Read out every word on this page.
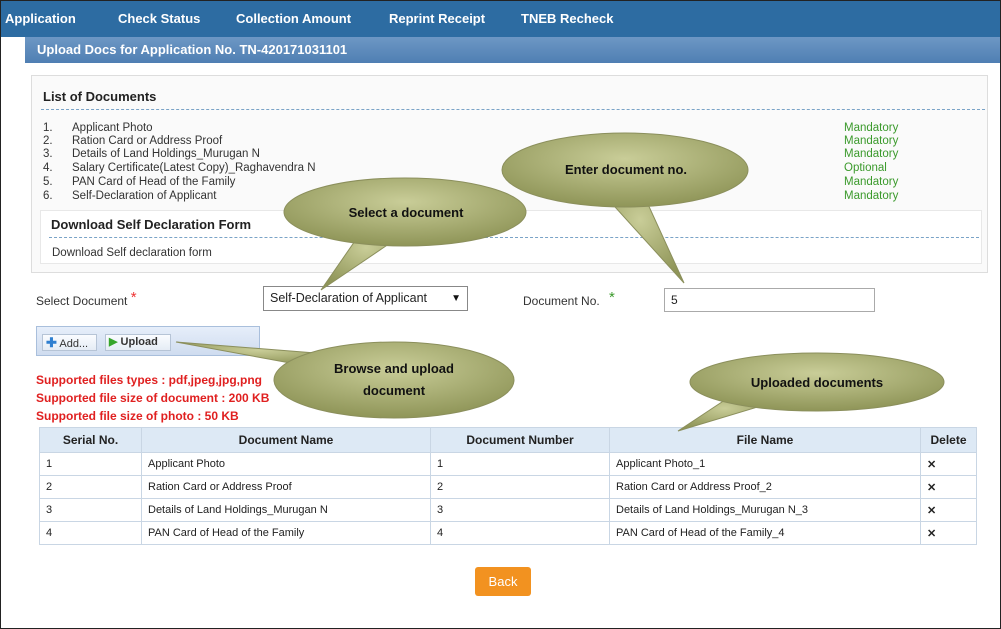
Application	Check Status	Collection Amount	Reprint Receipt	TNEB Recheck
Upload Docs for Application No. TN-420171031101
List of Documents
1. Applicant Photo	Mandatory
2. Ration Card or Address Proof	Mandatory
3. Details of Land Holdings_Murugan N	Mandatory
4. Salary Certificate(Latest Copy)_Raghavendra N	Optional
5. PAN Card of Head of the Family	Mandatory
6. Self-Declaration of Applicant	Mandatory
Download Self Declaration Form
Download Self declaration form
Select Document *	Self-Declaration of Applicant ▼	Document No. *	5
✚ Add...	▶ Upload
Supported files types : pdf,jpeg,jpg,png
Supported file size of document : 200 KB
Supported file size of photo : 50 KB
Serial No.	Document Name	Document Number	File Name	Delete
1	Applicant Photo	1	Applicant Photo_1	✕
2	Ration Card or Address Proof	2	Ration Card or Address Proof_2	✕
3	Details of Land Holdings_Murugan N	3	Details of Land Holdings_Murugan N_3	✕
4	PAN Card of Head of the Family	4	PAN Card of Head of the Family_4	✕
Back
Enter document no.
Select a document
Browse and upload document
Uploaded documents
